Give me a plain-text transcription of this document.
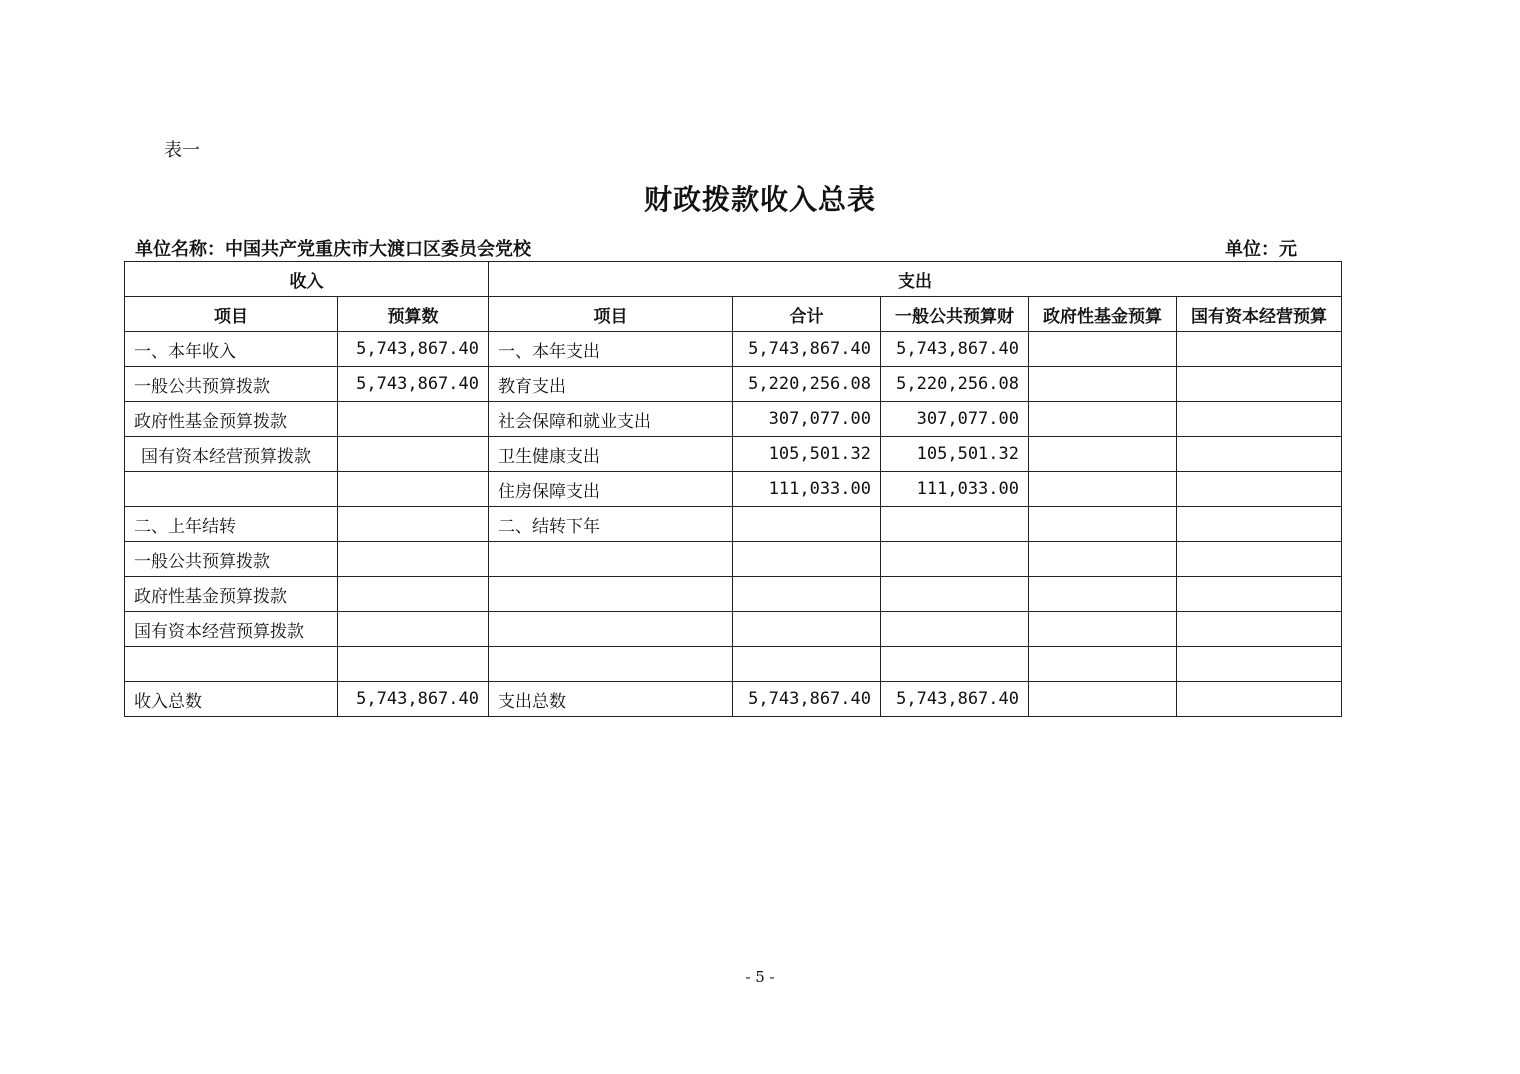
表一
财政拨款收入总表
单位名称：中国共产党重庆市大渡口区委员会党校	单位：元
收入		支出				
项目	预算数	项目	合计	一般公共预算财	政府性基金预算	国有资本经营预算
一、本年收入	5,743,867.40	一、本年支出	5,743,867.40	5,743,867.40		
一般公共预算拨款	5,743,867.40	教育支出	5,220,256.08	5,220,256.08		
政府性基金预算拨款		社会保障和就业支出	307,077.00	307,077.00		
国有资本经营预算拨款		卫生健康支出	105,501.32	105,501.32		
		住房保障支出	111,033.00	111,033.00		
二、上年结转		二、结转下年				
一般公共预算拨款						
政府性基金预算拨款						
国有资本经营预算拨款						

收入总数	5,743,867.40	支出总数	5,743,867.40	5,743,867.40		
- 5 -
